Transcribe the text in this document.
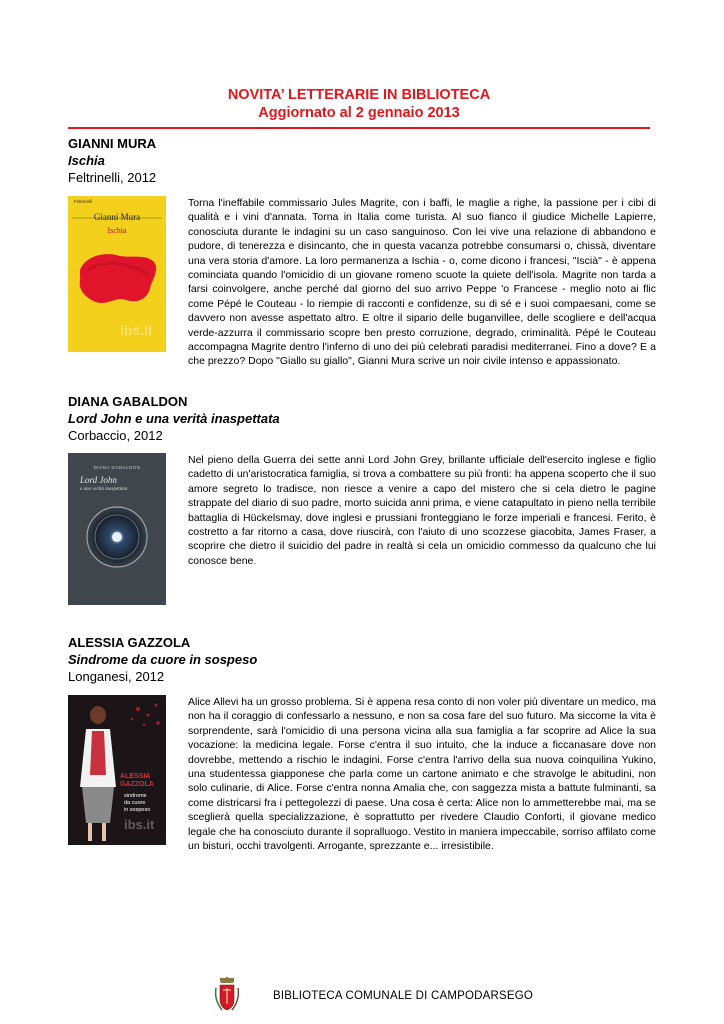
NOVITA’ LETTERARIE IN BIBLIOTECA
Aggiornato al 2 gennaio 2013
GIANNI MURA
Ischia
Feltrinelli, 2012
Feltrinelli
Gianni Mura
Ischia
ibs.it
Torna l'ineffabile commissario Jules Magrite, con i baffi, le maglie a righe, la passione per i cibi di qualità e i vini d'annata. Torna in Italia come turista. Al suo fianco il giudice Michelle Lapierre, conosciuta durante le indagini su un caso sanguinoso. Con lei vive una relazione di abbandono e pudore, di tenerezza e disincanto, che in questa vacanza potrebbe consumarsi o, chissà, diventare una vera storia d'amore. La loro permanenza a Ischia - o, come dicono i francesi, "Iscià" - è appena cominciata quando l'omicidio di un giovane romeno scuote la quiete dell'isola. Magrite non tarda a farsi coinvolgere, anche perché dal giorno del suo arrivo Peppe 'o Francese - meglio noto ai flic come Pépé le Couteau - lo riempie di racconti e confidenze, su di sé e i suoi compaesani, come se davvero non avesse aspettato altro. E oltre il sipario delle buganvillee, delle scogliere e dell'acqua verde-azzurra il commissario scopre ben presto corruzione, degrado, criminalità. Pépé le Couteau accompagna Magrite dentro l'inferno di uno dei più celebrati paradisi mediterranei. Fino a dove? E a che prezzo? Dopo "Giallo su giallo", Gianni Mura scrive un noir civile intenso e appassionato.
DIANA GABALDON
Lord John e una verità inaspettata
Corbaccio, 2012
DIANA GABALDON
Lord John
e una verità inaspettata
Nel pieno della Guerra dei sette anni Lord John Grey, brillante ufficiale dell'esercito inglese e figlio cadetto di un'aristocratica famiglia, si trova a combattere su più fronti: ha appena scoperto che il suo amore segreto lo tradisce, non riesce a venire a capo del mistero che si cela dietro le pagine strappate del diario di suo padre, morto suicida anni prima, e viene catapultato in pieno nella terribile battaglia di Hückelsmay, dove inglesi e prussiani fronteggiano le forze imperiali e francesi. Ferito, è costretto a far ritorno a casa, dove riuscirà, con l'aiuto di uno scozzese giacobita, James Fraser, a scoprire che dietro il suicidio del padre in realtà si cela un omicidio commesso da qualcuno che lui conosce bene.
ALESSIA GAZZOLA
Sindrome da cuore in sospeso
Longanesi, 2012
ALESSIA
GAZZOLA
sindrome
da cuore
in sospeso
ibs.it
Alice Allevi ha un grosso problema. Si è appena resa conto di non voler più diventare un medico, ma non ha il coraggio di confessarlo a nessuno, e non sa cosa fare del suo futuro. Ma siccome la vita è sorprendente, sarà l'omicidio di una persona vicina alla sua famiglia a far scoprire ad Alice la sua vocazione: la medicina legale. Forse c'entra il suo intuito, che la induce a ficcanasare dove non dovrebbe, mettendo a rischio le indagini. Forse c'entra l'arrivo della sua nuova coinquilina Yukino, una studentessa giapponese che parla come un cartone animato e che stravolge le abitudini, non solo culinarie, di Alice. Forse c'entra nonna Amalia che, con saggezza mista a battute fulminanti, sa come districarsi fra i pettegolezzi di paese. Una cosa è certa: Alice non lo ammetterebbe mai, ma se sceglierà quella specializzazione, è soprattutto per rivedere Claudio Conforti, il giovane medico legale che ha conosciuto durante il sopralluogo. Vestito in maniera impeccabile, sorriso affilato come un bisturi, occhi travolgenti. Arrogante, sprezzante e... irresistibile.
BIBLIOTECA COMUNALE DI CAMPODARSEGO
